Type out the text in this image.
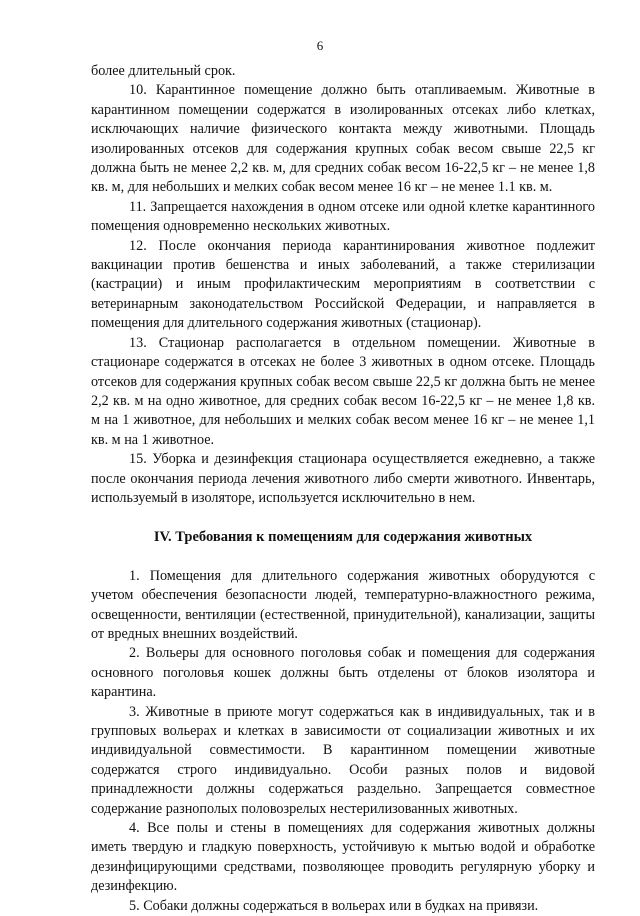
6

более длительный срок.

10. Карантинное помещение должно быть отапливаемым. Животные в карантинном помещении содержатся в изолированных отсеках либо клетках, исключающих наличие физического контакта между животными. Площадь изолированных отсеков для содержания крупных собак весом свыше 22,5 кг должна быть не менее 2,2 кв. м, для средних собак весом 16-22,5 кг – не менее 1,8 кв. м, для небольших и мелких собак весом менее 16 кг – не менее 1.1 кв. м.

11. Запрещается нахождения в одном отсеке или одной клетке карантинного помещения одновременно нескольких животных.

12. После окончания периода карантинирования животное подлежит вакцинации против бешенства и иных заболеваний, а также стерилизации (кастрации) и иным профилактическим мероприятиям в соответствии с ветеринарным законодательством Российской Федерации, и направляется в помещения для длительного содержания животных (стационар).

13. Стационар располагается в отдельном помещении. Животные в стационаре содержатся в отсеках не более 3 животных в одном отсеке. Площадь отсеков для содержания крупных собак весом свыше 22,5 кг должна быть не менее 2,2 кв. м на одно животное, для средних собак весом 16-22,5 кг – не менее 1,8 кв. м на 1 животное, для небольших и мелких собак весом менее 16 кг – не менее 1,1 кв. м на 1 животное.

15. Уборка и дезинфекция стационара осуществляется ежедневно, а также после окончания периода лечения животного либо смерти животного. Инвентарь, используемый в изоляторе, используется исключительно в нем.

IV. Требования к помещениям для содержания животных

1. Помещения для длительного содержания животных оборудуются с учетом обеспечения безопасности людей, температурно-влажностного режима, освещенности, вентиляции (естественной, принудительной), канализации, защиты от вредных внешних воздействий.

2. Вольеры для основного поголовья собак и помещения для содержания основного поголовья кошек должны быть отделены от блоков изолятора и карантина.

3. Животные в приюте могут содержаться как в индивидуальных, так и в групповых вольерах и клетках в зависимости от социализации животных и их индивидуальной совместимости. В карантинном помещении животные содержатся строго индивидуально. Особи разных полов и видовой принадлежности должны содержаться раздельно. Запрещается совместное содержание разнополых половозрелых нестерилизованных животных.

4. Все полы и стены в помещениях для содержания животных должны иметь твердую и гладкую поверхность, устойчивую к мытью водой и обработке дезинфицирующими средствами, позволяющее проводить регулярную уборку и дезинфекцию.

5. Собаки должны содержаться в вольерах или в будках на привязи.
